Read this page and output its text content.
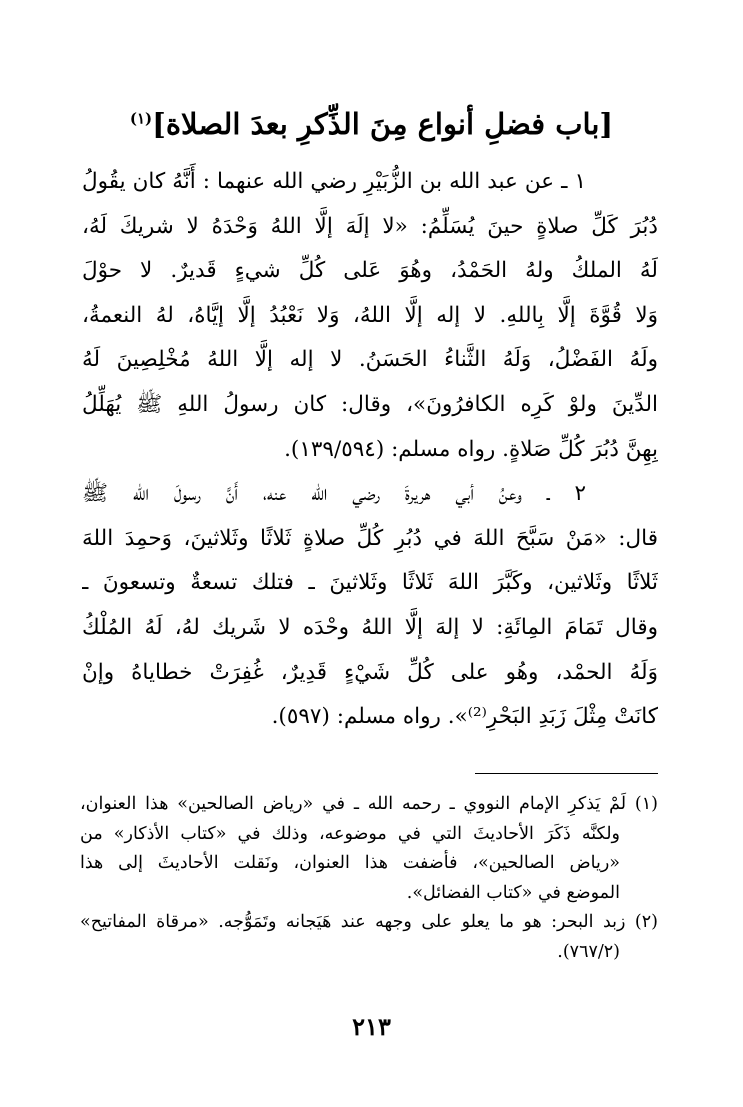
[باب فضلِ أنواع مِنَ الذِّكرِ بعدَ الصلاة]$^{(١)}$
١ ـ عن عبد الله بن الزُّبَيْرِ رضي الله عنهما : أَنَّهُ كان يقُولُ
دُبُرَ كَلِّ صلاةٍ حينَ يُسَلِّمُ: «لا إلَهَ إلَّا اللهُ وَحْدَهُ لا شريكَ لَهُ،
لَهُ الملكُ ولهُ الحَمْدُ، وهُوَ عَلى كُلِّ شيءٍ قَديرٌ. لا حوْلَ
وَلا قُوَّةَ إلَّا بِاللهِ. لا إله إلَّا اللهُ، وَلا نَعْبُدُ إلَّا إيَّاهُ، لهُ النعمةُ،
ولَهُ الفَضْلُ، وَلَهُ الثَّناءُ الحَسَنُ. لا إله إلَّا اللهُ مُخْلِصِينَ لَهُ
الدِّينَ ولوْ كَرِه الكافرُونَ»، وقال: كان رسولُ اللهِ ﷺ يُهَلِّلُ
بِهِنَّ دُبُرَ كُلِّ صَلاةٍ. رواه مسلم: (١٣٩/٥٩٤).
٢ ـ وعنُ أبي هريرةَ رضي الله عنه، أَنَّ رسولَ الله ﷺ
قال: «مَنْ سَبَّحَ اللهَ في دُبُرِ كُلِّ صلاةٍ ثَلاثًا وثَلاثينَ، وَحمِدَ اللهَ
ثَلاثًا وثَلاثين، وكَبَّرَ اللهَ ثَلاثًا وثَلاثينَ ـ فتلك تسعةٌ وتسعونَ ـ
وقال تَمَامَ المِائَةِ: لا إلهَ إلَّا اللهُ وحْدَه لا شَريك لهُ، لَهُ المُلْكُ
وَلَهُ الحمْد، وهُو على كُلِّ شَيْءٍ قَدِيرٌ، غُفِرَتْ خطاياهُ وإنْ
كانَتْ مِثْلَ زَبَدِ البَحْرِ⁽²⁾». رواه مسلم: (٥٩٧).
(١) لَمْ يَذكرِ الإمام النووي ـ رحمه الله ـ في «رياض الصالحين» هذا العنوان،
ولكنَّه ذَكَرَ الأحاديثَ التي في موضوعه، وذلك في «كتاب الأذكار» من
«رياض الصالحين»، فأضفت هذا العنوان، ونَقلت الأحاديثَ إلى هذا
الموضع في «كتاب الفضائل».
(٢) زبد البحر: هو ما يعلو على وجهه عند هَيَجانه وتَمَوُّجه. «مرقاة المفاتيح»
(٧٦٧/٢).
٢١٣
